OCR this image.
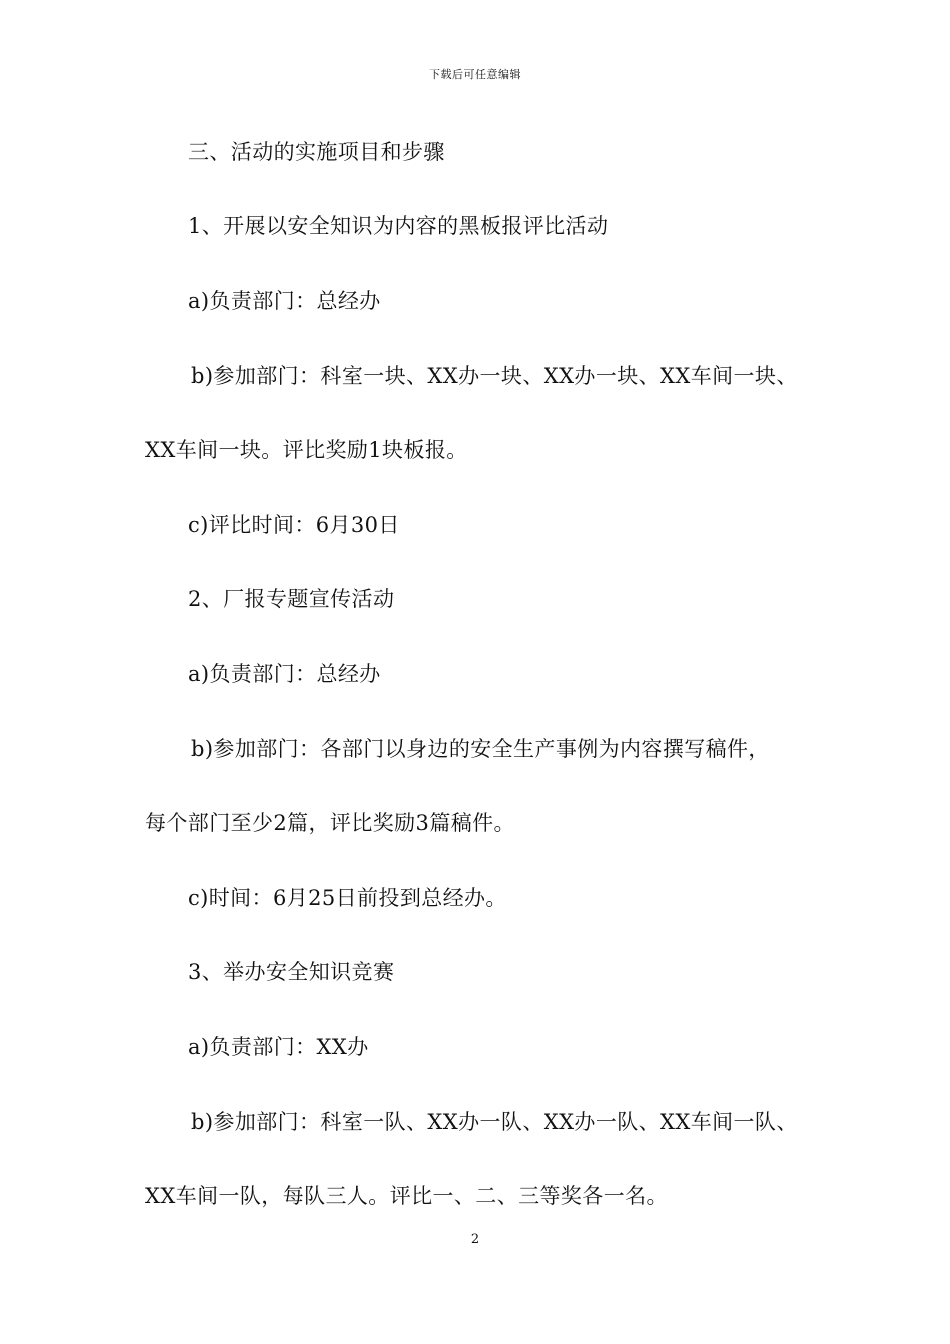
下载后可任意编辑
三、活动的实施项目和步骤
1、开展以安全知识为内容的黑板报评比活动
a)负责部门：总经办
b)参加部门：科室一块、XX办一块、XX办一块、XX车间一块、
XX车间一块。评比奖励1块板报。
c)评比时间：6月30日
2、厂报专题宣传活动
a)负责部门：总经办
b)参加部门：各部门以身边的安全生产事例为内容撰写稿件，
每个部门至少2篇，评比奖励3篇稿件。
c)时间：6月25日前投到总经办。
3、举办安全知识竞赛
a)负责部门：XX办
b)参加部门：科室一队、XX办一队、XX办一队、XX车间一队、
XX车间一队，每队三人。评比一、二、三等奖各一名。
2
